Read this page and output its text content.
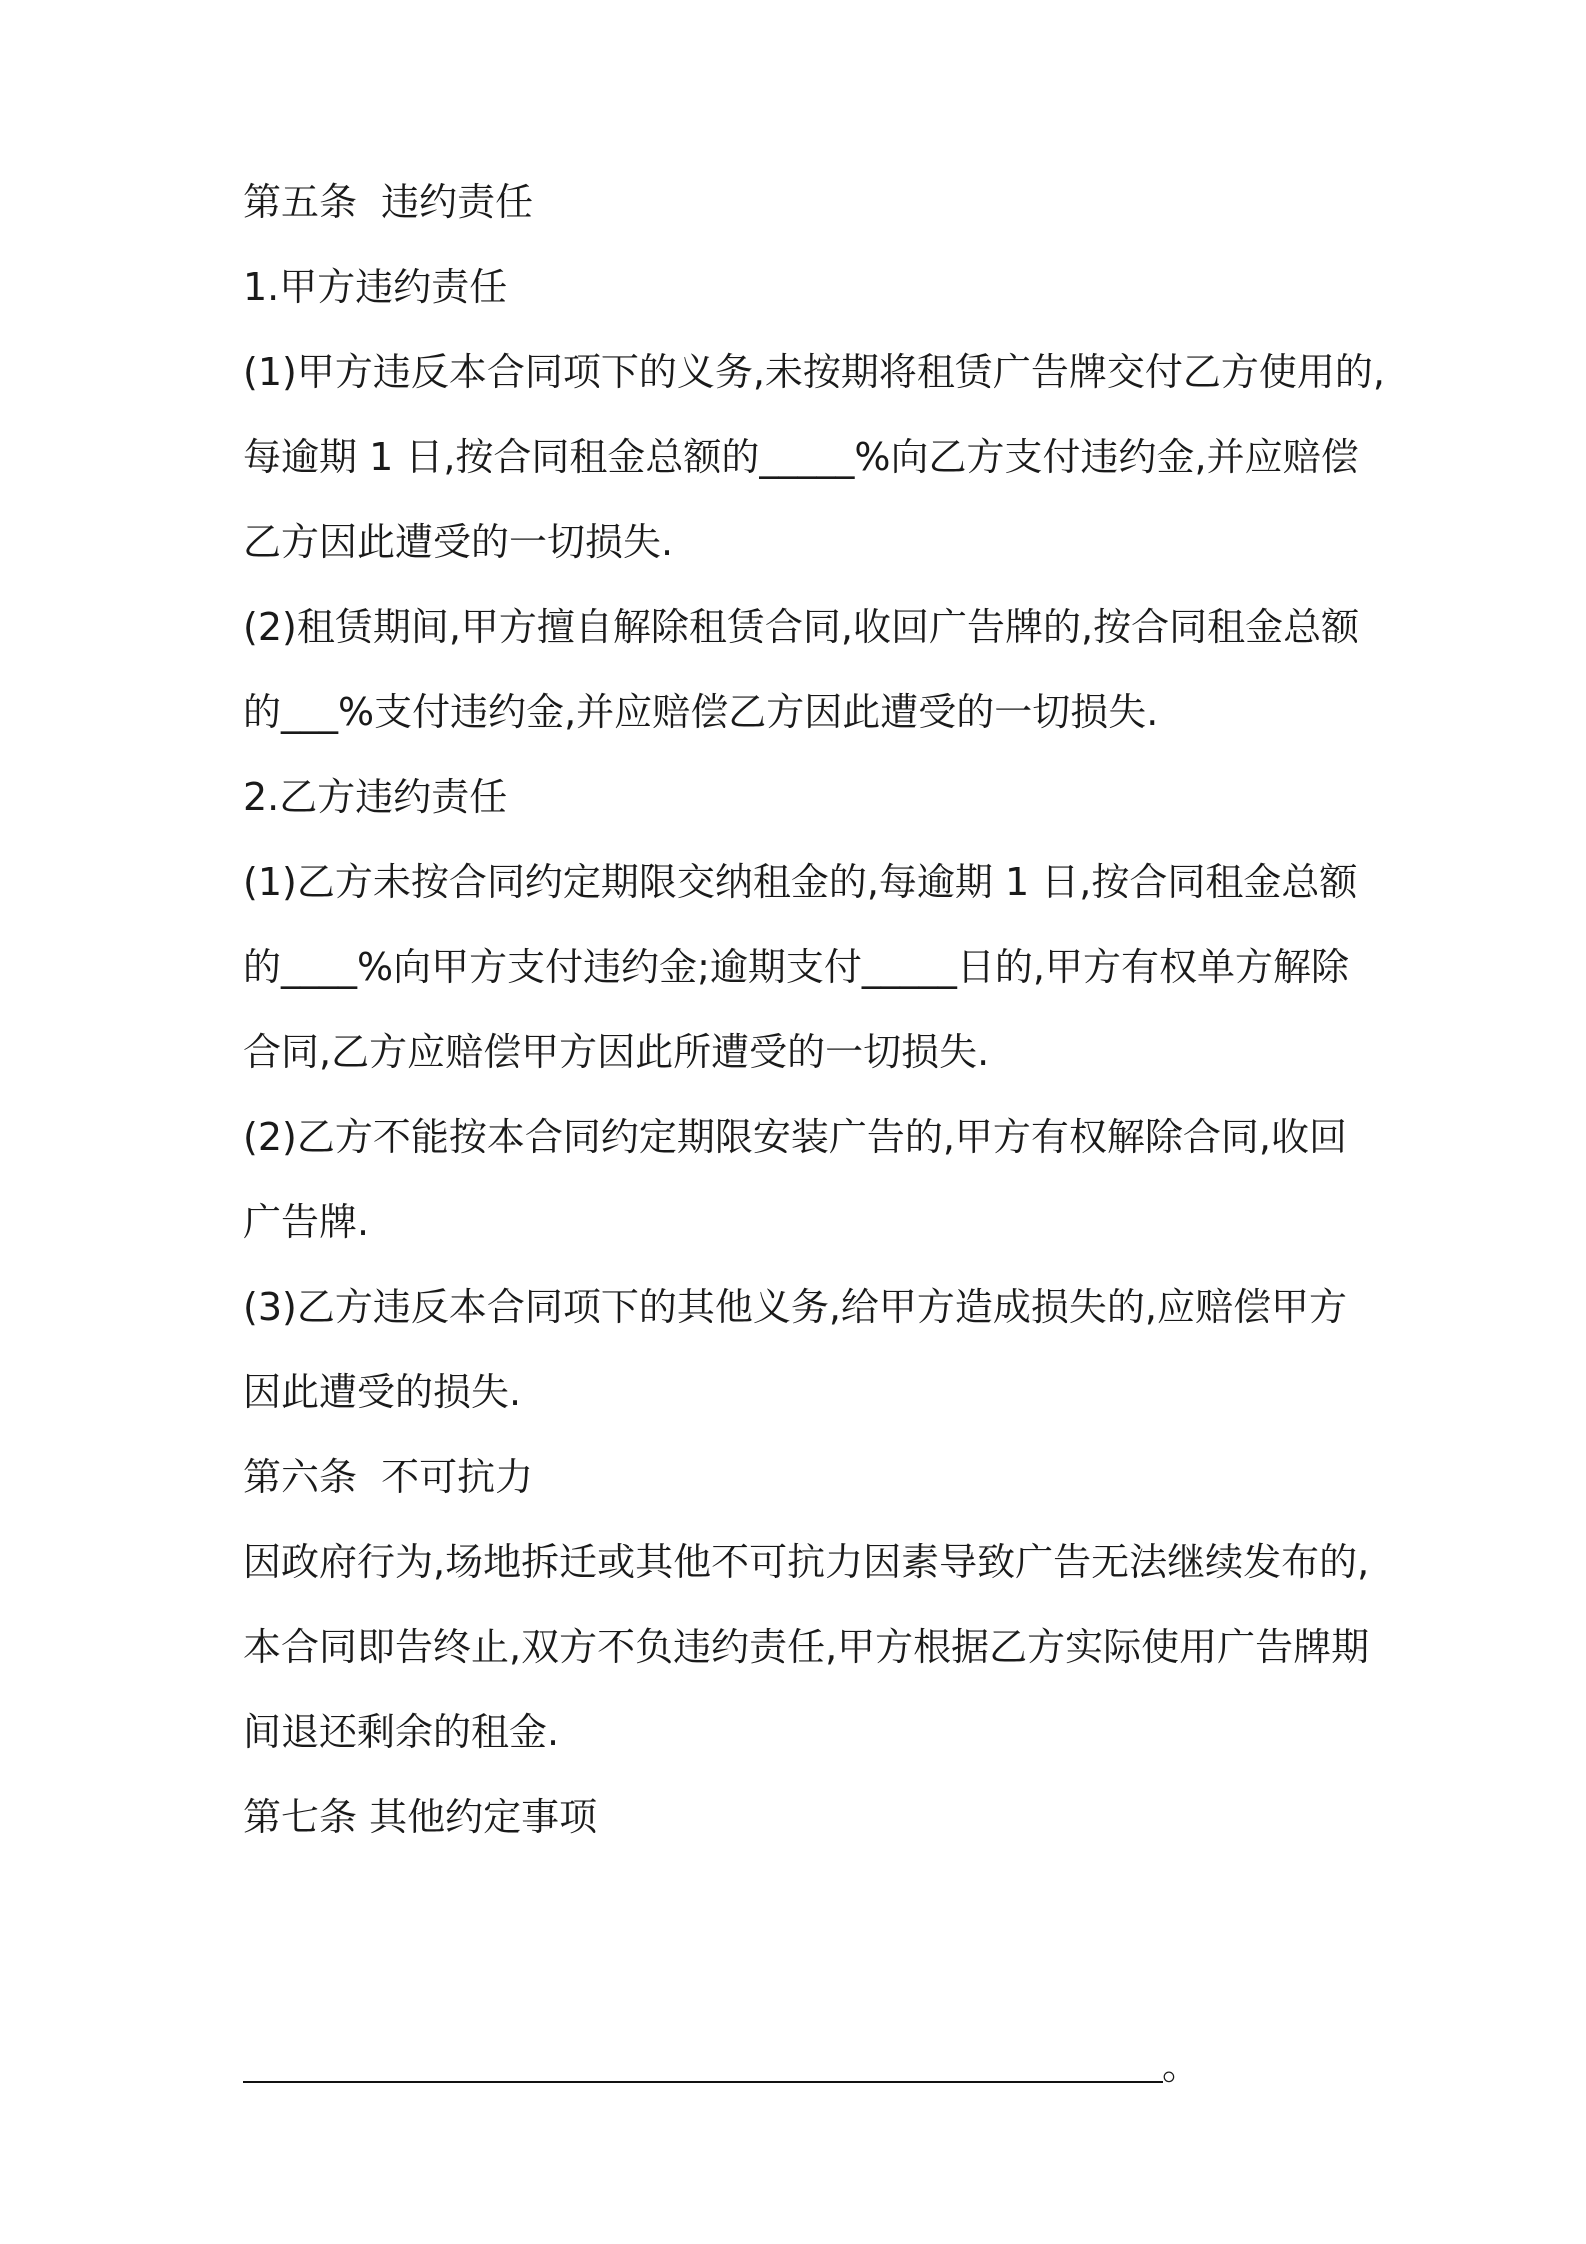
第五条  违约责任
1.甲方违约责任
(1)甲方违反本合同项下的义务,未按期将租赁广告牌交付乙方使用的,
每逾期 1 日,按合同租金总额的_____%向乙方支付违约金,并应赔偿
乙方因此遭受的一切损失.
(2)租赁期间,甲方擅自解除租赁合同,收回广告牌的,按合同租金总额
的___%支付违约金,并应赔偿乙方因此遭受的一切损失.
2.乙方违约责任
(1)乙方未按合同约定期限交纳租金的,每逾期 1 日,按合同租金总额
的____%向甲方支付违约金;逾期支付_____日的,甲方有权单方解除
合同,乙方应赔偿甲方因此所遭受的一切损失.
(2)乙方不能按本合同约定期限安装广告的,甲方有权解除合同,收回
广告牌.
(3)乙方违反本合同项下的其他义务,给甲方造成损失的,应赔偿甲方
因此遭受的损失.
第六条  不可抗力
因政府行为,场地拆迁或其他不可抗力因素导致广告无法继续发布的,
本合同即告终止,双方不负违约责任,甲方根据乙方实际使用广告牌期
间退还剩余的租金.
第七条 其他约定事项
。
